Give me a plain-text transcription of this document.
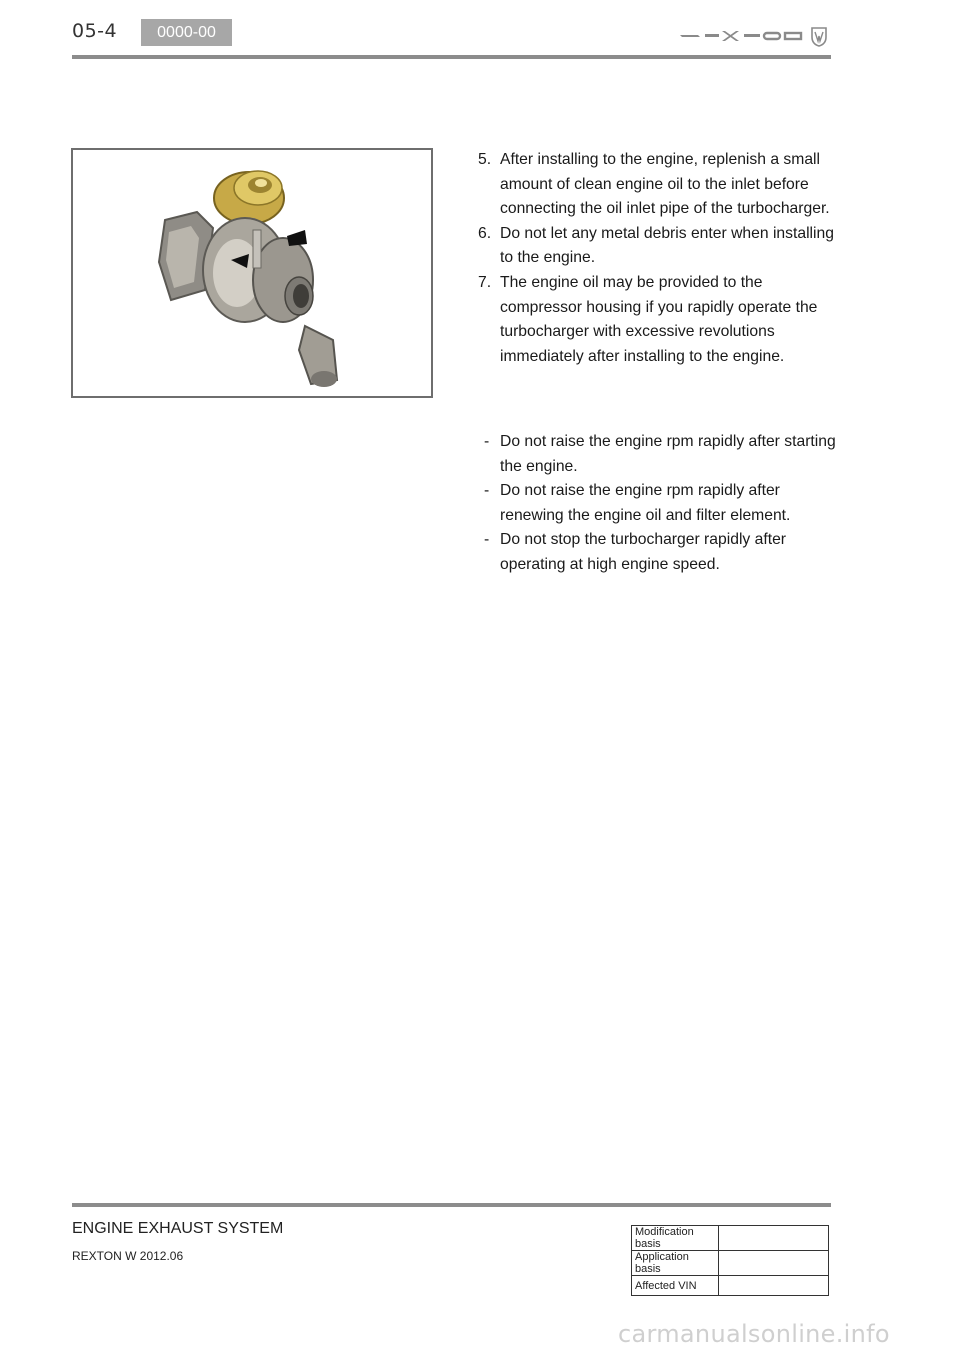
05-4	0000-00
5. After installing to the engine, replenish a small amount of clean engine oil to the inlet before connecting the oil inlet pipe of the turbocharger.
6. Do not let any metal debris enter when installing to the engine.
7. The engine oil may be provided to the compressor housing if you rapidly operate the turbocharger with excessive revolutions immediately after installing to the engine.
- Do not raise the engine rpm rapidly after starting the engine.
- Do not raise the engine rpm rapidly after renewing the engine oil and filter element.
- Do not stop the turbocharger rapidly after operating at high engine speed.
ENGINE EXHAUST SYSTEM
REXTON W 2012.06
Modification basis	
Application basis	
Affected VIN	
carmanualsonline.info
